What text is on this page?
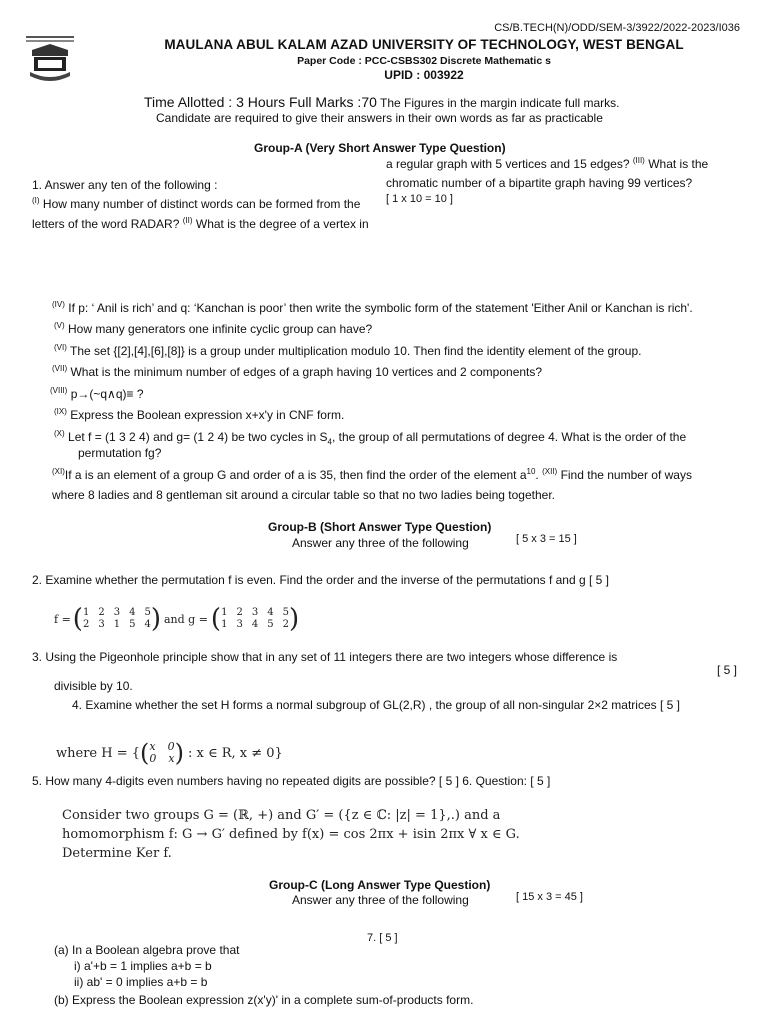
CS/B.TECH(N)/ODD/SEM-3/3922/2022-2023/I036
MAULANA ABUL KALAM AZAD UNIVERSITY OF TECHNOLOGY, WEST BENGAL
Paper Code : PCC-CSBS302 Discrete Mathematic s
UPID : 003922
Time Allotted : 3 Hours Full Marks :70 The Figures in the margin indicate full marks.
Candidate are required to give their answers in their own words as far as practicable
Group-A (Very Short Answer Type Question)
a regular graph with 5 vertices and 15 edges? $^{(III)}$ What is the
chromatic number of a bipartite graph having 99 vertices?
[ 1 x 10 = 10 ]
1. Answer any ten of the following :
$^{(I)}$ How many number of distinct words can be formed from the
letters of the word RADAR? $^{(II)}$ What is the degree of a vertex in
$^{(IV)}$ If p: ‘ Anil is rich’ and q: ‘Kanchan is poor’ then write the symbolic form of the statement 'Either Anil or Kanchan is rich'.
$^{(V)}$ How many generators one infinite cyclic group can have?
$^{(VI)}$ The set {[2],[4],[6],[8]} is a group under multiplication modulo 10. Then find the identity element of the group.
$^{(VII)}$ What is the minimum number of edges of a graph having 10 vertices and 2 components?
$^{(VIII)}$ p→(~q∧q)≡ ?
$^{(IX)}$ Express the Boolean expression x+x'y in CNF form.
$^{(X)}$ Let f = (1 3 2 4) and g= (1 2 4) be two cycles in $S_4$, the group of all permutations of degree 4. What is the order of the
permutation fg?
$^{(XI)}$If a is an element of a group G and order of a is 35, then find the order of the element $a^{10}$. $^{(XII)}$ Find the number of ways
where 8 ladies and 8 gentleman sit around a circular table so that no two ladies being together.
Group-B (Short Answer Type Question)
Answer any three of the following	[ 5 x 3 = 15 ]
2. Examine whether the permutation f is even. Find the order and the inverse of the permutations f and g [ 5 ]
f = ( 1 2 3 4 5
2 3 1 5 4 ) and g = ( 1 2 3 4 5
1 3 4 5 2 )
3. Using the Pigeonhole principle show that in any set of 11 integers there are two integers whose difference is
[ 5 ]
divisible by 10.
4. Examine whether the set H forms a normal subgroup of GL(2,R) , the group of all non-singular 2×2 matrices [ 5 ]
where H = { ( x 0
0 x ) : x ∈ R, x ≠ 0}
5. How many 4-digits even numbers having no repeated digits are possible? [ 5 ] 6. Question: [ 5 ]
Consider two groups G = (ℝ, +) and G′ = ({z ∈ ℂ: |z| = 1},.) and a
homomorphism f: G → G′ defined by f(x) = cos 2πx + isin 2πx ∀ x ∈ G.
Determine Ker f.
Group-C (Long Answer Type Question)
Answer any three of the following	[ 15 x 3 = 45 ]
7. [ 5 ]
(a) In a Boolean algebra prove that
i) a'+b = 1 implies a+b = b
ii) ab' = 0 implies a+b = b
(b) Express the Boolean expression z(x'y)' in a complete sum-of-products form.
